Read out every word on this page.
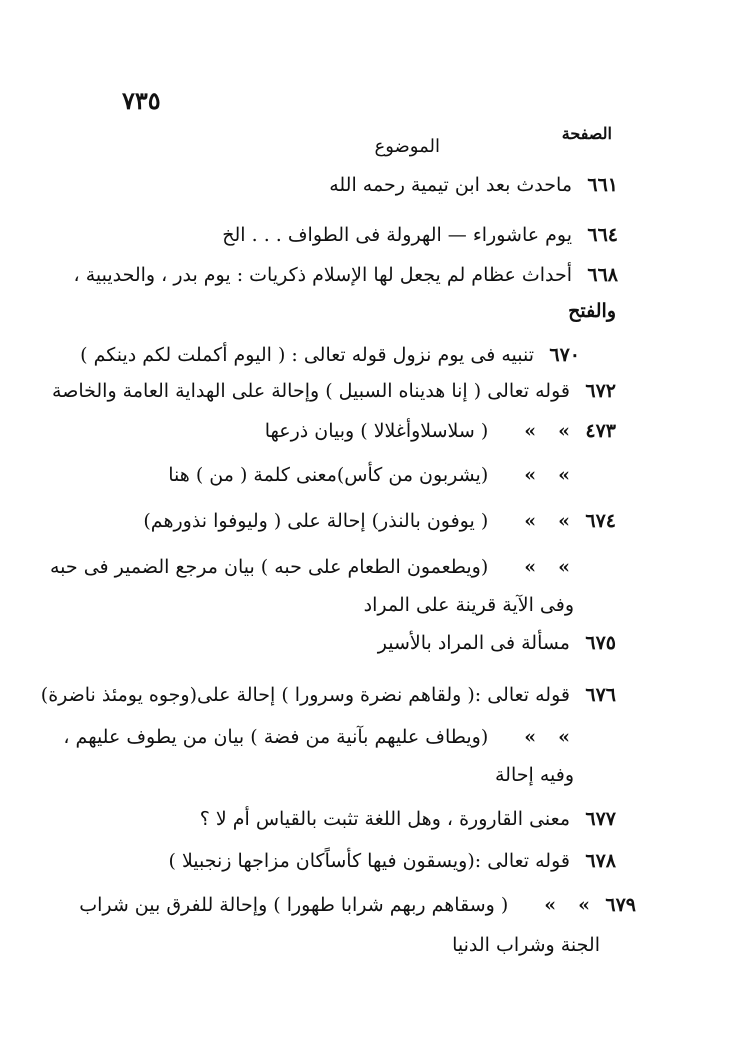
٧٣٥
الصفحة
الموضوع
٦٦١ماحدث بعد ابن تيمية رحمه الله
٦٦٤يوم عاشوراء — الهرولة فى الطواف . . . الخ
٦٦٨أحداث عظام لم يجعل لها الإسلام ذكريات : يوم بدر ، والحديبية ،
والفتح
٦٧٠تنبيه فى يوم نزول قوله تعالى : ( اليوم أكملت لكم دينكم )
٦٧٢قوله تعالى ( إنا هديناه السبيل ) وإحالة على الهداية العامة والخاصة
٤٧٣»»( سلاسلاوأغلالا ) وبيان ذرعها
»»(يشربون من كأس)معنى كلمة ( من ) هنا
٦٧٤»»( يوفون بالنذر) إحالة على ( وليوفوا نذورهم)
»»(ويطعمون الطعام على حبه ) بيان مرجع الضمير فى حبه
وفى الآية قرينة على المراد
٦٧٥مسألة فى المراد بالأسير
٦٧٦قوله تعالى :( ولقاهم نضرة وسرورا ) إحالة على(وجوه يومئذ ناضرة)
»»(ويطاف عليهم بآنية من فضة ) بيان من يطوف عليهم ،
وفيه إحالة
٦٧٧معنى القارورة ، وهل اللغة تثبت بالقياس أم لا ؟
٦٧٨قوله تعالى :(ويسقون فيها كأساًكان مزاجها زنجبيلا )
٦٧٩»»( وسقاهم ربهم شرابا طهورا ) وإحالة للفرق بين شراب
الجنة وشراب الدنيا
